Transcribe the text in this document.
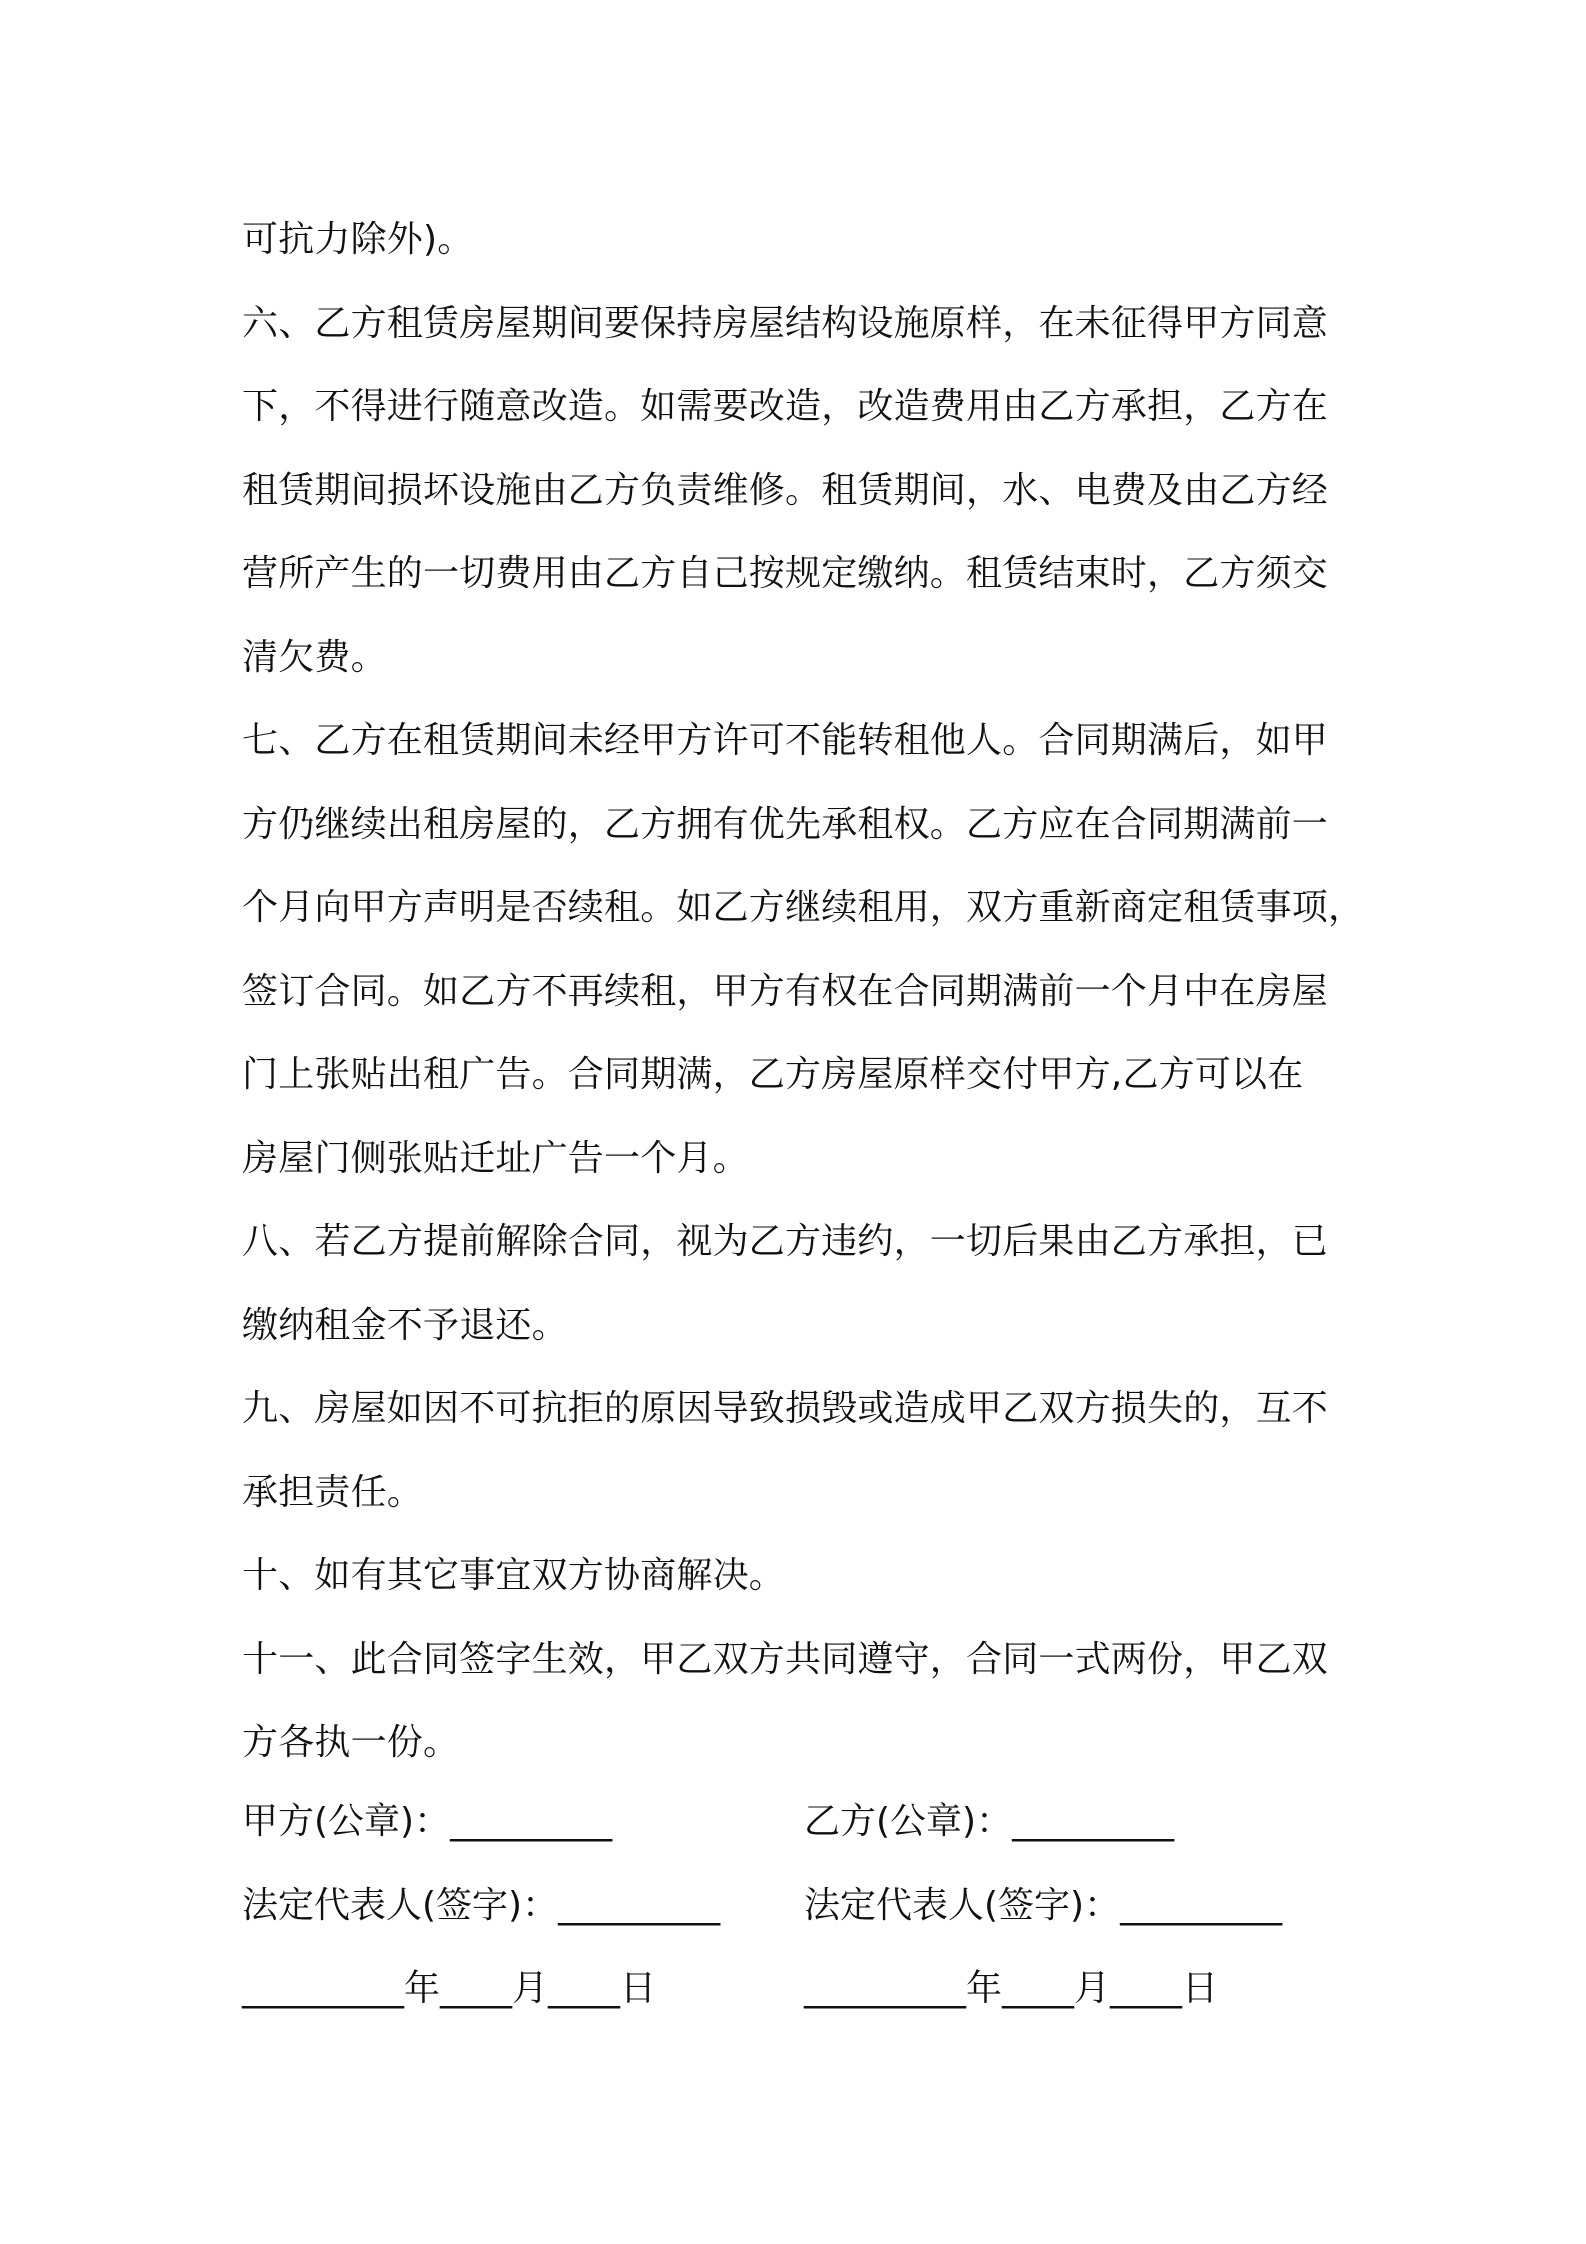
可抗力除外)。
六、乙方租赁房屋期间要保持房屋结构设施原样，在未征得甲方同意
下，不得进行随意改造。如需要改造，改造费用由乙方承担，乙方在
租赁期间损坏设施由乙方负责维修。租赁期间，水、电费及由乙方经
营所产生的一切费用由乙方自己按规定缴纳。租赁结束时，乙方须交
清欠费。
七、乙方在租赁期间未经甲方许可不能转租他人。合同期满后，如甲
方仍继续出租房屋的，乙方拥有优先承租权。乙方应在合同期满前一
个月向甲方声明是否续租。如乙方继续租用，双方重新商定租赁事项，
签订合同。如乙方不再续租，甲方有权在合同期满前一个月中在房屋
门上张贴出租广告。合同期满，乙方房屋原样交付甲方,乙方可以在
房屋门侧张贴迁址广告一个月。
八、若乙方提前解除合同，视为乙方违约，一切后果由乙方承担，已
缴纳租金不予退还。
九、房屋如因不可抗拒的原因导致损毁或造成甲乙双方损失的，互不
承担责任。
十、如有其它事宜双方协商解决。
十一、此合同签字生效，甲乙双方共同遵守，合同一式两份，甲乙双
方各执一份。
甲方(公章)：_________	乙方(公章)：_________
法定代表人(签字)：_________ 法定代表人(签字)：_________
_________年____月____日	_________年____月____日
